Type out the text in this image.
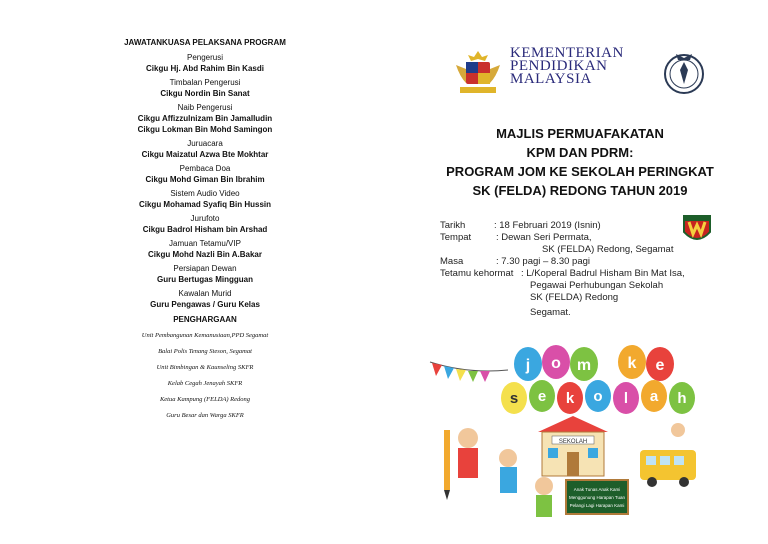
JAWATANKUASA PELAKSANA PROGRAM
Pengerusi
Cikgu Hj. Abd Rahim Bin Kasdi
Timbalan Pengerusi
Cikgu Nordin Bin Sanat
Naib Pengerusi
Cikgu Affizzulnizam Bin Jamalludin
Cikgu Lokman Bin Mohd Samingon
Juruacara
Cikgu Maizatul Azwa Bte Mokhtar
Pembaca Doa
Cikgu Mohd Giman Bin Ibrahim
Sistem Audio Video
Cikgu Mohamad Syafiq Bin Hussin
Jurufoto
Cikgu Badrol Hisham bin Arshad
Jamuan Tetamu/VIP
Cikgu Mohd Nazli Bin A.Bakar
Persiapan Dewan
Guru Bertugas Mingguan
Kawalan Murid
Guru Pengawas / Guru Kelas
PENGHARGAAN
Unit Pembangunan Kemanusiaan,PPD Segamat
Balai Polis Tenang Steson, Segamat
Unit Bimbingan & Kaunseling SKFR
Kelab Cegah Jenayah SKFR
Ketua Kampung (FELDA) Redong
Guru Besar dan Warga SKFR
KEMENTERIAN
PENDIDIKAN
MALAYSIA
MAJLIS PERMUAFAKATAN
KPM DAN PDRM:
PROGRAM JOM KE SEKOLAH PERINGKAT
SK (FELDA) REDONG TAHUN 2019
Tarikh	: 18 Februari 2019 (Isnin)
Tempat	: Dewan Seri Permata,
SK (FELDA) Redong, Segamat
Masa	: 7.30 pagi – 8.30 pagi
Tetamu kehormat : L/Koperal Badrul Hisham Bin Mat Isa,
Pegawai Perhubungan Sekolah
SK (FELDA) Redong
Segamat.
j o m k e
s e k o l a h
SEKOLAH
Anak Tunas Anak Kami
Menggunung Harapan Tuan
Pelangi Lagi Harapan Kami
